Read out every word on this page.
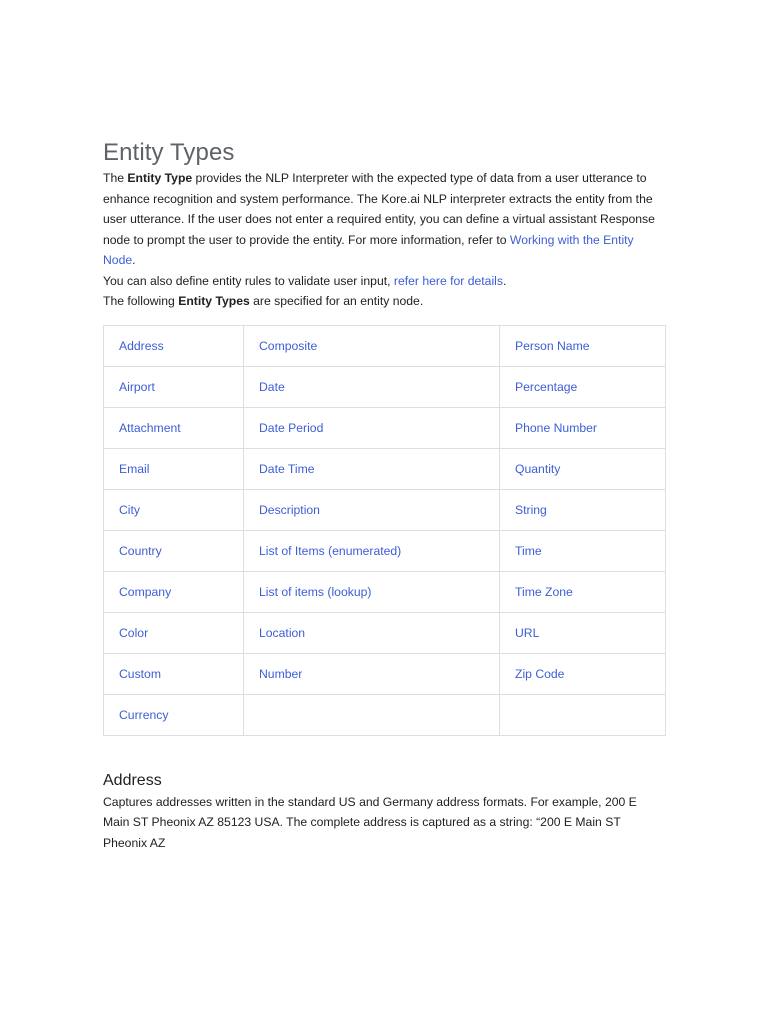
Entity Types

The Entity Type provides the NLP Interpreter with the expected type of data from a user utterance to enhance recognition and system performance. The Kore.ai NLP interpreter extracts the entity from the user utterance. If the user does not enter a required entity, you can define a virtual assistant Response node to prompt the user to provide the entity. For more information, refer to Working with the Entity Node.

You can also define entity rules to validate user input, refer here for details.

The following Entity Types are specified for an entity node.

Address	Composite	Person Name
Airport	Date	Percentage
Attachment	Date Period	Phone Number
Email	Date Time	Quantity
City	Description	String
Country	List of Items (enumerated)	Time
Company	List of items (lookup)	Time Zone
Color	Location	URL
Custom	Number	Zip Code
Currency		
Address

Captures addresses written in the standard US and Germany address formats. For example, 200 E Main ST Pheonix AZ 85123 USA. The complete address is captured as a string: “200 E Main ST Pheonix AZ
